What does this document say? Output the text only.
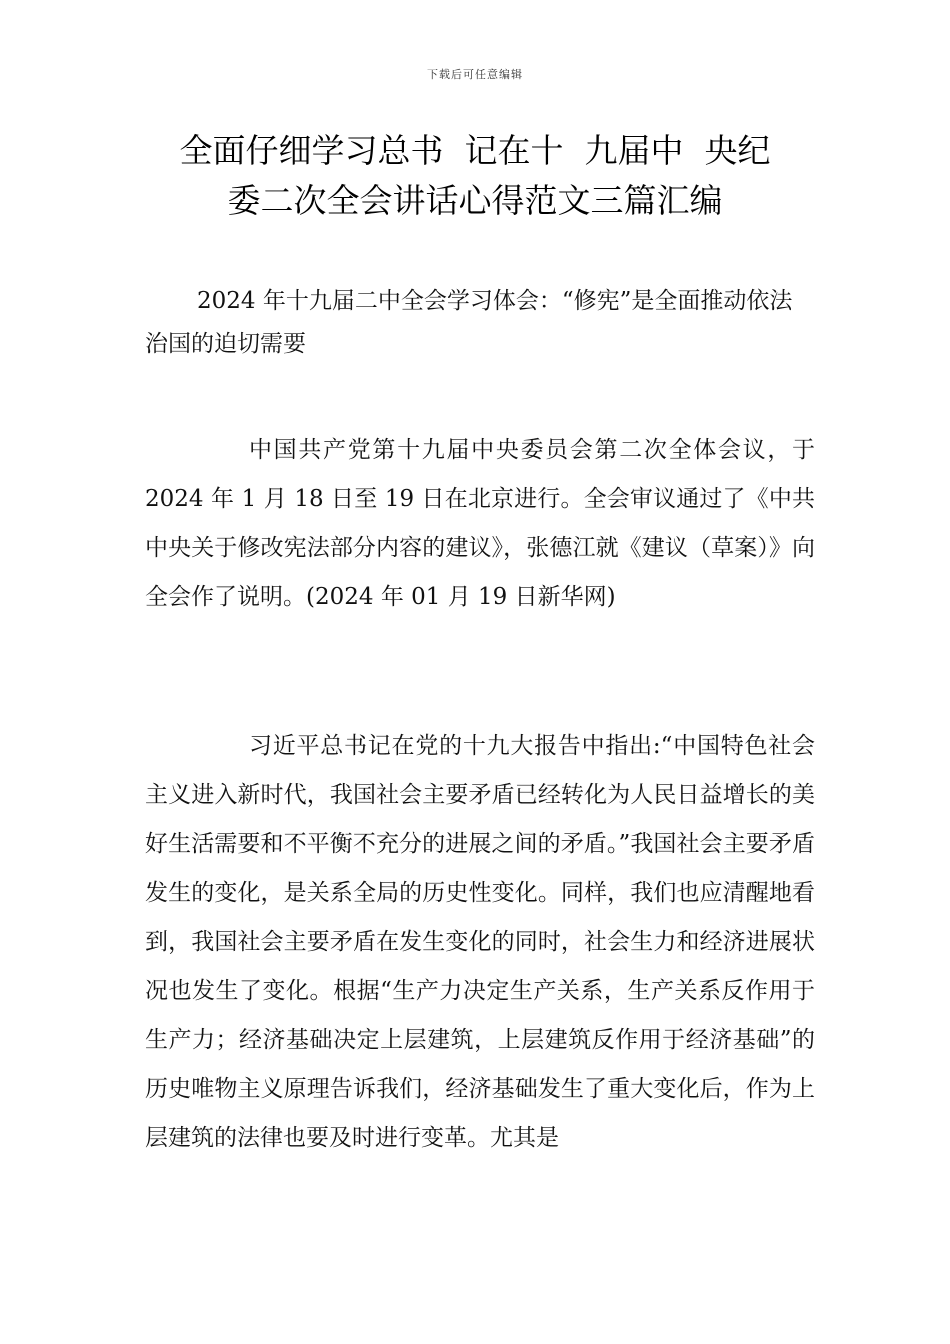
下载后可任意编辑
全面仔细学习总书  记在十  九届中  央纪
委二次全会讲话心得范文三篇汇编

2024 年十九届二中全会学习体会：“修宪”是全面推动依法治国的迫切需要

中国共产党第十九届中央委员会第二次全体会议，于 2024 年 1 月 18 日至 19 日在北京进行。全会审议通过了《中共中央关于修改宪法部分内容的建议》，张德江就《建议（草案）》向全会作了说明。(2024 年 01 月 19 日新华网)

习近平总书记在党的十九大报告中指出:“中国特色社会主义进入新时代，我国社会主要矛盾已经转化为人民日益增长的美好生活需要和不平衡不充分的进展之间的矛盾。”我国社会主要矛盾发生的变化，是关系全局的历史性变化。同样，我们也应清醒地看到，我国社会主要矛盾在发生变化的同时，社会生力和经济进展状况也发生了变化。根据“生产力决定生产关系，生产关系反作用于生产力；经济基础决定上层建筑，上层建筑反作用于经济基础”的历史唯物主义原理告诉我们，经济基础发生了重大变化后，作为上层建筑的法律也要及时进行变革。尤其是
